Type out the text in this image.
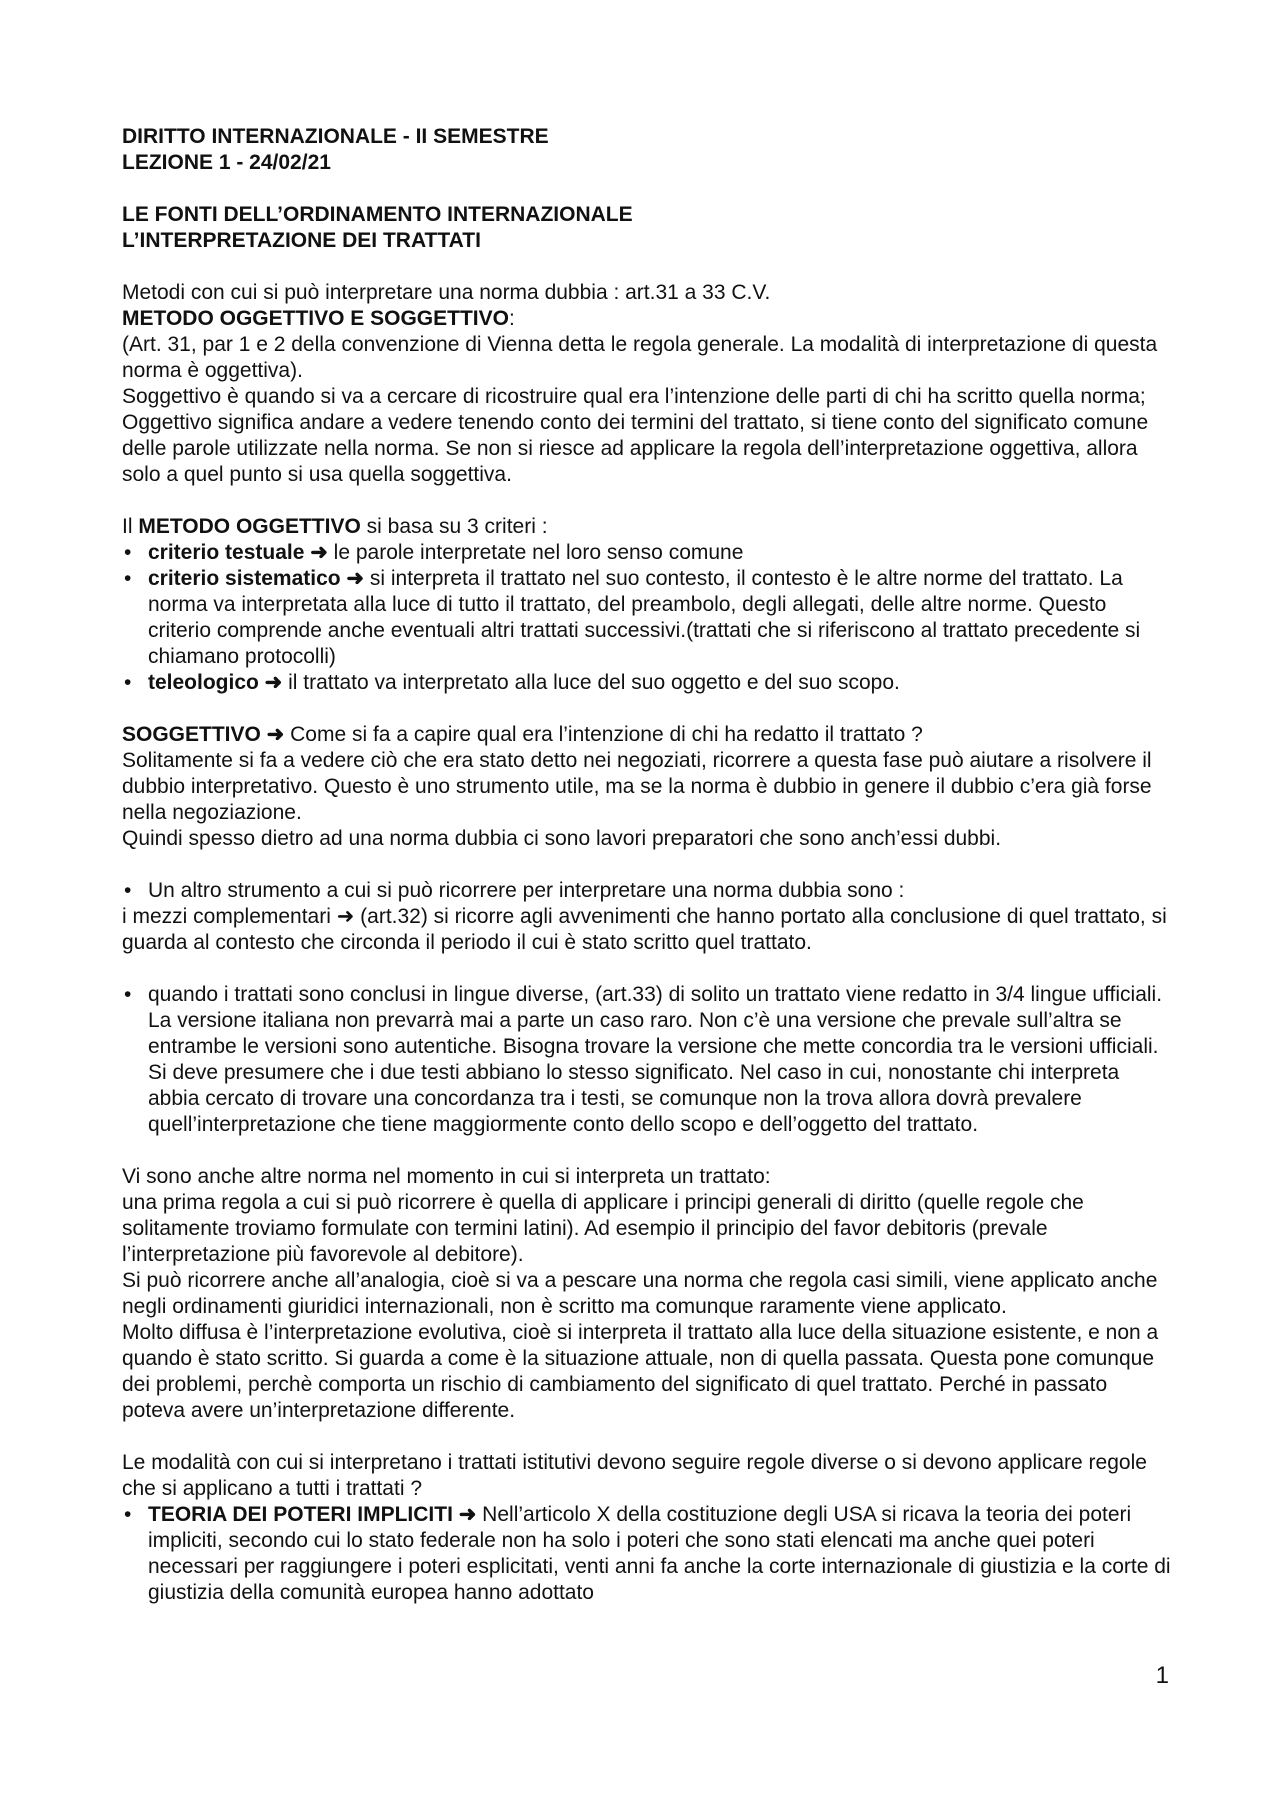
DIRITTO INTERNAZIONALE - II SEMESTRE

LEZIONE 1 - 24/02/21

LE FONTI DELL’ORDINAMENTO INTERNAZIONALE

L’INTERPRETAZIONE DEI TRATTATI

Metodi con cui si può interpretare una norma dubbia : art.31 a 33 C.V.

METODO OGGETTIVO E SOGGETTIVO:

(Art. 31, par 1 e 2 della convenzione di Vienna detta le regola generale. La modalità di interpretazione di questa norma è oggettiva).

Soggettivo è quando si va a cercare di ricostruire qual era l’intenzione delle parti di chi ha scritto quella norma; Oggettivo significa andare a vedere tenendo conto dei termini del trattato, si tiene conto del significato comune delle parole utilizzate nella norma. Se non si riesce ad applicare la regola dell’interpretazione oggettiva, allora solo a quel punto si usa quella soggettiva.

Il METODO OGGETTIVO si basa su 3 criteri :

• criterio testuale ➜ le parole interpretate nel loro senso comune
• criterio sistematico ➜ si interpreta il trattato nel suo contesto, il contesto è le altre norme del trattato. La norma va interpretata alla luce di tutto il trattato, del preambolo, degli allegati, delle altre norme. Questo criterio comprende anche eventuali altri trattati successivi.(trattati che si riferiscono al trattato precedente si chiamano protocolli)
• teleologico ➜ il trattato va interpretato alla luce del suo oggetto e del suo scopo.

SOGGETTIVO ➜ Come si fa a capire qual era l’intenzione di chi ha redatto il trattato ?

Solitamente si fa a vedere ciò che era stato detto nei negoziati, ricorrere a questa fase può aiutare a risolvere il dubbio interpretativo. Questo è uno strumento utile, ma se la norma è dubbio in genere il dubbio c’era già forse nella negoziazione.

Quindi spesso dietro ad una norma dubbia ci sono lavori preparatori che sono anch’essi dubbi.

• Un altro strumento a cui si può ricorrere per interpretare una norma dubbia sono :

i mezzi complementari ➜ (art.32) si ricorre agli avvenimenti che hanno portato alla conclusione di quel trattato, si guarda al contesto che circonda il periodo il cui è stato scritto quel trattato.

• quando i trattati sono conclusi in lingue diverse, (art.33) di solito un trattato viene redatto in 3/4 lingue ufficiali. La versione italiana non prevarrà mai a parte un caso raro. Non c’è una versione che prevale sull’altra se entrambe le versioni sono autentiche. Bisogna trovare la versione che mette concordia tra le versioni ufficiali. Si deve presumere che i due testi abbiano lo stesso significato. Nel caso in cui, nonostante chi interpreta abbia cercato di trovare una concordanza tra i testi, se comunque non la trova allora dovrà prevalere quell’interpretazione che tiene maggiormente conto dello scopo e dell’oggetto del trattato.

Vi sono anche altre norma nel momento in cui si interpreta un trattato:

una prima regola a cui si può ricorrere è quella di applicare i principi generali di diritto (quelle regole che solitamente troviamo formulate con termini latini). Ad esempio il principio del favor debitoris (prevale l’interpretazione più favorevole al debitore).

Si può ricorrere anche all’analogia, cioè si va a pescare una norma che regola casi simili, viene applicato anche negli ordinamenti giuridici internazionali, non è scritto ma comunque raramente viene applicato.

Molto diffusa è l’interpretazione evolutiva, cioè si interpreta il trattato alla luce della situazione esistente, e non a quando è stato scritto. Si guarda a come è la situazione attuale, non di quella passata. Questa pone comunque dei problemi, perchè comporta un rischio di cambiamento del significato di quel trattato. Perché in passato poteva avere un’interpretazione differente.

Le modalità con cui si interpretano i trattati istitutivi devono seguire regole diverse o si devono applicare regole che si applicano a tutti i trattati ?

• TEORIA DEI POTERI IMPLICITI ➜ Nell’articolo X della costituzione degli USA si ricava la teoria dei poteri impliciti, secondo cui lo stato federale non ha solo i poteri che sono stati elencati ma anche quei poteri necessari per raggiungere i poteri esplicitati, venti anni fa anche la corte internazionale di giustizia e la corte di giustizia della comunità europea hanno adottato
1
